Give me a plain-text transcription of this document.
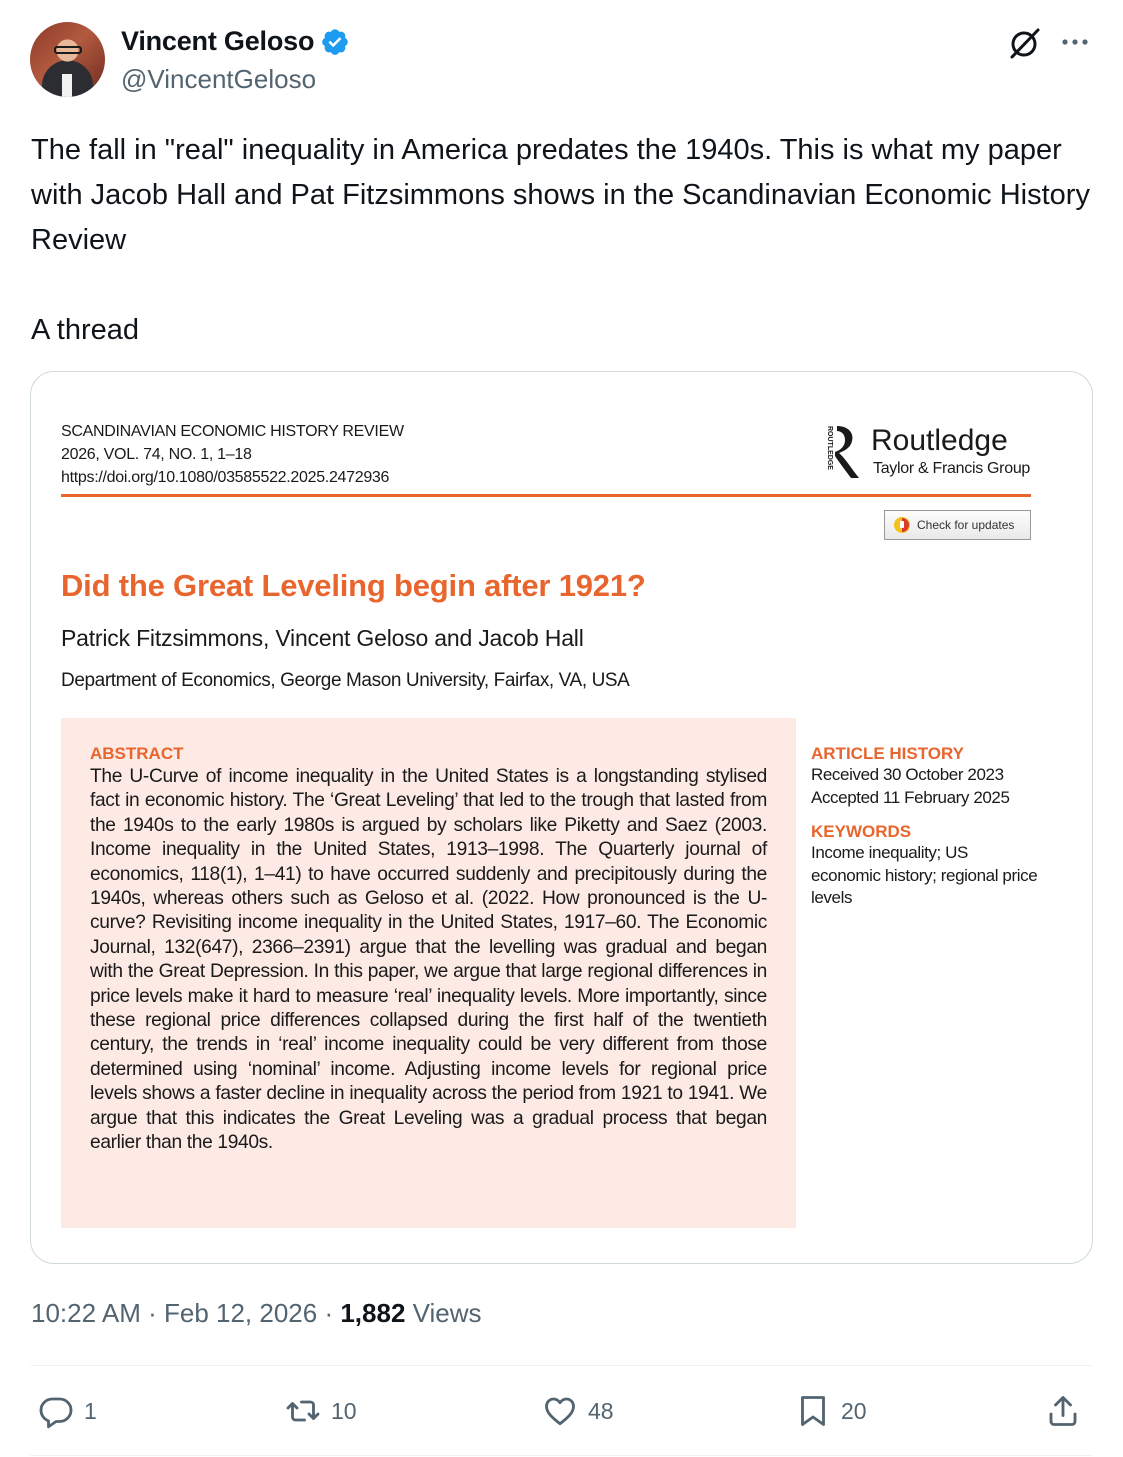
Vincent Geloso
@VincentGeloso
The fall in "real" inequality in America predates the 1940s. This is what my paper with Jacob Hall and Pat Fitzsimmons shows in the Scandinavian Economic History Review

A thread
SCANDINAVIAN ECONOMIC HISTORY REVIEW
2026, VOL. 74, NO. 1, 1–18
https://doi.org/10.1080/03585522.2025.2472936
ROUTLEDGE Routledge
Taylor & Francis Group
Check for updates
Did the Great Leveling begin after 1921?
Patrick Fitzsimmons, Vincent Geloso and Jacob Hall
Department of Economics, George Mason University, Fairfax, VA, USA
ABSTRACT
The U-Curve of income inequality in the United States is a longstanding stylised fact in economic history. The ‘Great Leveling’ that led to the trough that lasted from the 1940s to the early 1980s is argued by scholars like Piketty and Saez (2003. Income inequality in the United States, 1913–1998. The Quarterly journal of economics, 118(1), 1–41) to have occurred suddenly and precipitously during the 1940s, whereas others such as Geloso et al. (2022. How pronounced is the U-curve? Revisiting income inequality in the United States, 1917–60. The Economic Journal, 132(647), 2366–2391) argue that the levelling was gradual and began with the Great Depression. In this paper, we argue that large regional differences in price levels make it hard to measure ‘real’ inequality levels. More importantly, since these regional price differences collapsed during the first half of the twentieth century, the trends in ‘real’ income inequality could be very different from those determined using ‘nominal’ income. Adjusting income levels for regional price levels shows a faster decline in inequality across the period from 1921 to 1941. We argue that this indicates the Great Leveling was a gradual process that began earlier than the 1940s.
ARTICLE HISTORY
Received 30 October 2023
Accepted 11 February 2025
KEYWORDS
Income inequality; US economic history; regional price levels
10:22 AM · Feb 12, 2026 · 1,882 Views
1	10	48	20
